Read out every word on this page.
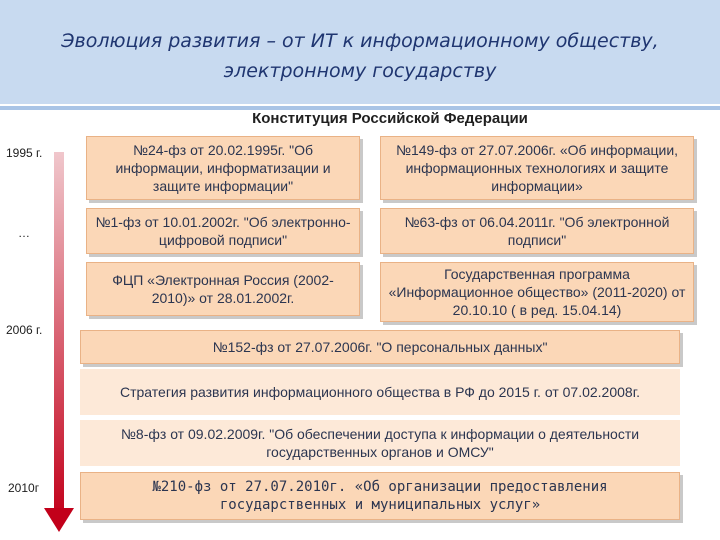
Эволюция развития – от ИТ к информационному обществу,
электронному государству
Конституция Российской Федерации
1995 г.
…
2006 г.
2010г
№24-фз от 20.02.1995г. "Об информации, информатизации и защите информации"
№149-фз от 27.07.2006г. «Об информации, информационных технологиях и защите информации»
№1-фз от 10.01.2002г. "Об электронно-цифровой подписи"
№63-фз от 06.04.2011г. "Об электронной подписи"
ФЦП «Электронная Россия (2002-2010)» от 28.01.2002г.
Государственная программа «Информационное общество» (2011-2020) от 20.10.10 ( в ред. 15.04.14)
№152-фз от 27.07.2006г. "О персональных данных"
Стратегия развития информационного общества в РФ до 2015 г. от 07.02.2008г.
№8-фз от 09.02.2009г. "Об обеспечении доступа к информации о деятельности государственных органов и ОМСУ"
№210-фз от 27.07.2010г. «Об организации предоставления государственных и муниципальных услуг»
